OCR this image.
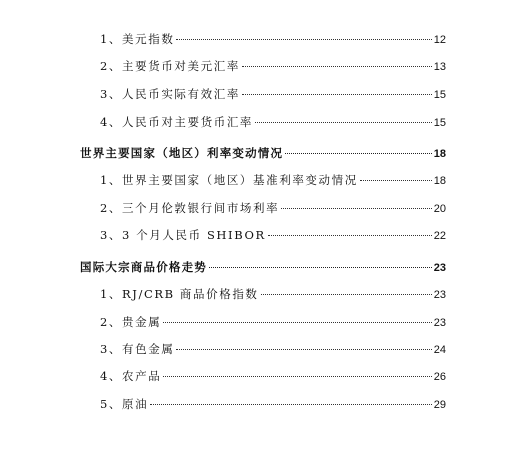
1、美元指数	12
2、主要货币对美元汇率	13
3、人民币实际有效汇率	15
4、人民币对主要货币汇率	15
世界主要国家（地区）利率变动情况	18
1、世界主要国家（地区）基准利率变动情况	18
2、三个月伦敦银行间市场利率	20
3、3 个月人民币 SHIBOR	22
国际大宗商品价格走势	23
1、RJ/CRB 商品价格指数	23
2、贵金属	23
3、有色金属	24
4、农产品	26
5、原油	29
